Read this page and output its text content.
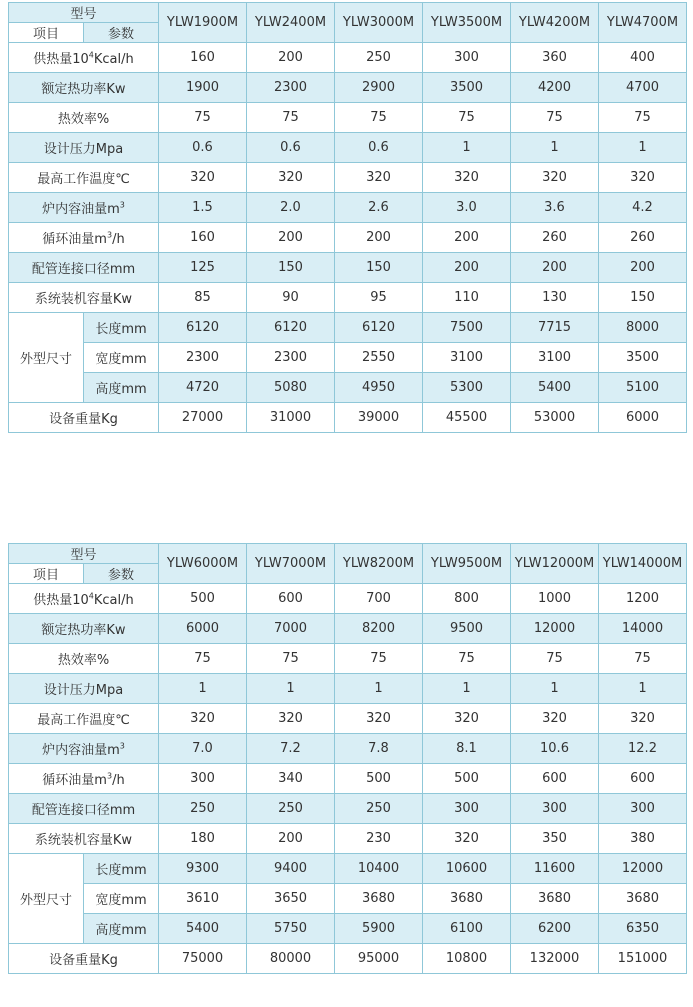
型号		YLW1900M	YLW2400M	YLW3000M	YLW3500M	YLW4200M	YLW4700M
项目	参数						
供热量$10^4Kcal/h$		160	200	250	300	360	400
额定热功率Kw		1900	2300	2900	3500	4200	4700
热效率%		75	75	75	75	75	75
设计压力Mpa		0.6	0.6	0.6	1	1	1
最高工作温度℃		320	320	320	320	320	320
炉内容油量$m^3$		1.5	2.0	2.6	3.0	3.6	4.2
循环油量$m^3/h$		160	200	200	200	260	260
配管连接口径mm		125	150	150	200	200	200
系统装机容量Kw		85	90	95	110	130	150
外型尺寸	长度mm	6120	6120	6120	7500	7715	8000
	宽度mm	2300	2300	2550	3100	3100	3500
	高度mm	4720	5080	4950	5300	5400	5100
设备重量Kg		27000	31000	39000	45500	53000	6000
型号		YLW6000M	YLW7000M	YLW8200M	YLW9500M	YLW12000M	YLW14000M
项目	参数						
供热量$10^4Kcal/h$		500	600	700	800	1000	1200
额定热功率Kw		6000	7000	8200	9500	12000	14000
热效率%		75	75	75	75	75	75
设计压力Mpa		1	1	1	1	1	1
最高工作温度℃		320	320	320	320	320	320
炉内容油量$m^3$		7.0	7.2	7.8	8.1	10.6	12.2
循环油量$m^3/h$		300	340	500	500	600	600
配管连接口径mm		250	250	250	300	300	300
系统装机容量Kw		180	200	230	320	350	380
外型尺寸	长度mm	9300	9400	10400	10600	11600	12000
	宽度mm	3610	3650	3680	3680	3680	3680
	高度mm	5400	5750	5900	6100	6200	6350
设备重量Kg		75000	80000	95000	10800	132000	151000
